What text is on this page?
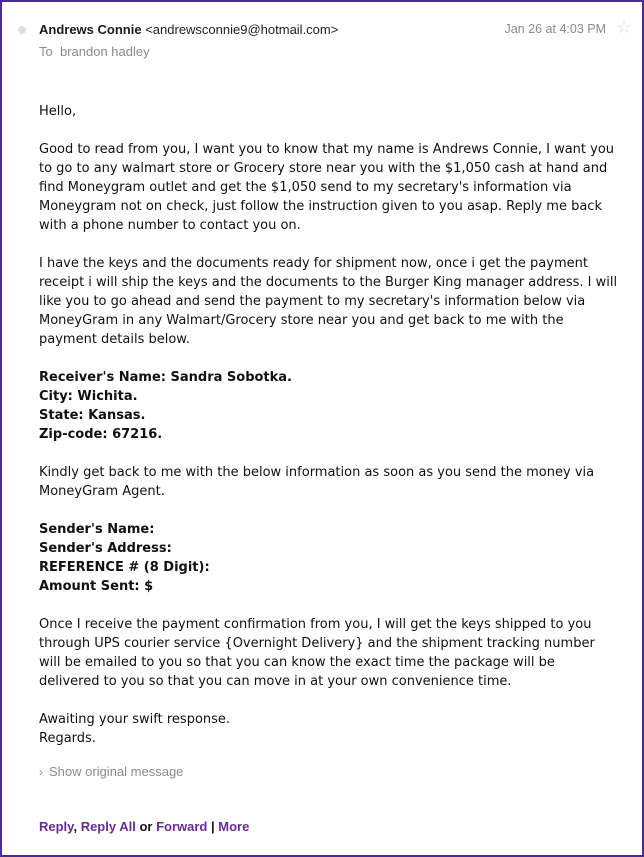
Andrews Connie <andrewsconnie9@hotmail.com>	Jan 26 at 4:03 PM ☆
To brandon hadley

Hello,

Good to read from you, I want you to know that my name is Andrews Connie, I want you to go to any walmart store or Grocery store near you with the $1,050 cash at hand and find Moneygram outlet and get the $1,050 send to my secretary's information via Moneygram not on check, just follow the instruction given to you asap. Reply me back with a phone number to contact you on.

I have the keys and the documents ready for shipment now, once i get the payment receipt i will ship the keys and the documents to the Burger King manager address. I will like you to go ahead and send the payment to my secretary's information below via MoneyGram in any Walmart/Grocery store near you and get back to me with the payment details below.

Receiver's Name: Sandra Sobotka.
City: Wichita.
State: Kansas.
Zip-code: 67216.

Kindly get back to me with the below information as soon as you send the money via MoneyGram Agent.

Sender's Name:
Sender's Address:
REFERENCE # (8 Digit):
Amount Sent: $

Once I receive the payment confirmation from you, I will get the keys shipped to you through UPS courier service {Overnight Delivery} and the shipment tracking number will be emailed to you so that you can know the exact time the package will be delivered to you so that you can move in at your own convenience time.

Awaiting your swift response.
Regards.

› Show original message
Reply, Reply All or Forward | More
